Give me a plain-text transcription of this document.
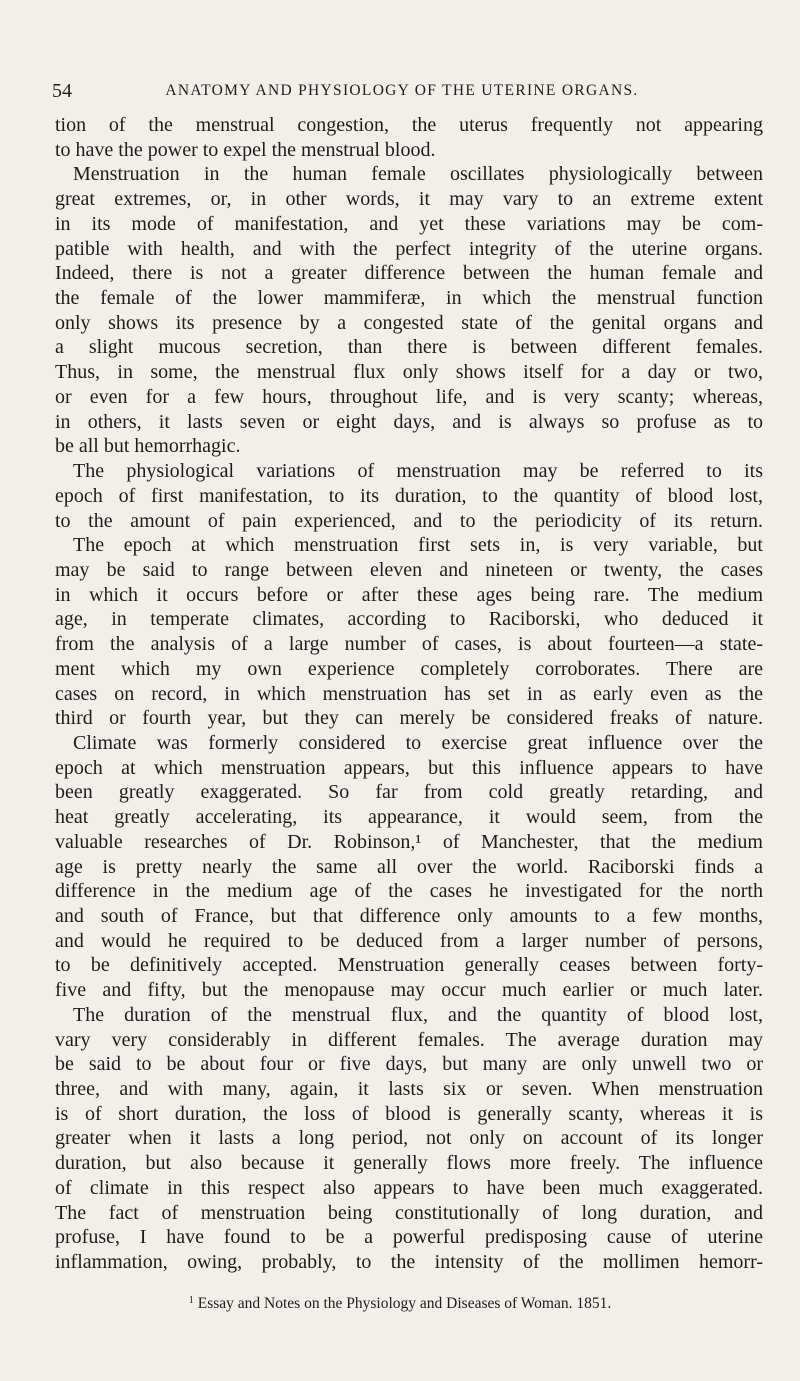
54	ANATOMY AND PHYSIOLOGY OF THE UTERINE ORGANS.
tion of the menstrual congestion, the uterus frequently not appearing
to have the power to expel the menstrual blood.
Menstruation in the human female oscillates physiologically between
great extremes, or, in other words, it may vary to an extreme extent
in its mode of manifestation, and yet these variations may be com-
patible with health, and with the perfect integrity of the uterine organs.
Indeed, there is not a greater difference between the human female and
the female of the lower mammiferæ, in which the menstrual function
only shows its presence by a congested state of the genital organs and
a slight mucous secretion, than there is between different females.
Thus, in some, the menstrual flux only shows itself for a day or two,
or even for a few hours, throughout life, and is very scanty; whereas,
in others, it lasts seven or eight days, and is always so profuse as to
be all but hemorrhagic.
The physiological variations of menstruation may be referred to its
epoch of first manifestation, to its duration, to the quantity of blood lost,
to the amount of pain experienced, and to the periodicity of its return.
The epoch at which menstruation first sets in, is very variable, but
may be said to range between eleven and nineteen or twenty, the cases
in which it occurs before or after these ages being rare. The medium
age, in temperate climates, according to Raciborski, who deduced it
from the analysis of a large number of cases, is about fourteen—a state-
ment which my own experience completely corroborates. There are
cases on record, in which menstruation has set in as early even as the
third or fourth year, but they can merely be considered freaks of nature.
Climate was formerly considered to exercise great influence over the
epoch at which menstruation appears, but this influence appears to have
been greatly exaggerated. So far from cold greatly retarding, and
heat greatly accelerating, its appearance, it would seem, from the
valuable researches of Dr. Robinson,¹ of Manchester, that the medium
age is pretty nearly the same all over the world. Raciborski finds a
difference in the medium age of the cases he investigated for the north
and south of France, but that difference only amounts to a few months,
and would he required to be deduced from a larger number of persons,
to be definitively accepted. Menstruation generally ceases between forty-
five and fifty, but the menopause may occur much earlier or much later.
The duration of the menstrual flux, and the quantity of blood lost,
vary very considerably in different females. The average duration may
be said to be about four or five days, but many are only unwell two or
three, and with many, again, it lasts six or seven. When menstruation
is of short duration, the loss of blood is generally scanty, whereas it is
greater when it lasts a long period, not only on account of its longer
duration, but also because it generally flows more freely. The influence
of climate in this respect also appears to have been much exaggerated.
The fact of menstruation being constitutionally of long duration, and
profuse, I have found to be a powerful predisposing cause of uterine
inflammation, owing, probably, to the intensity of the mollimen hemorr-
$^1$ Essay and Notes on the Physiology and Diseases of Woman. 1851.
